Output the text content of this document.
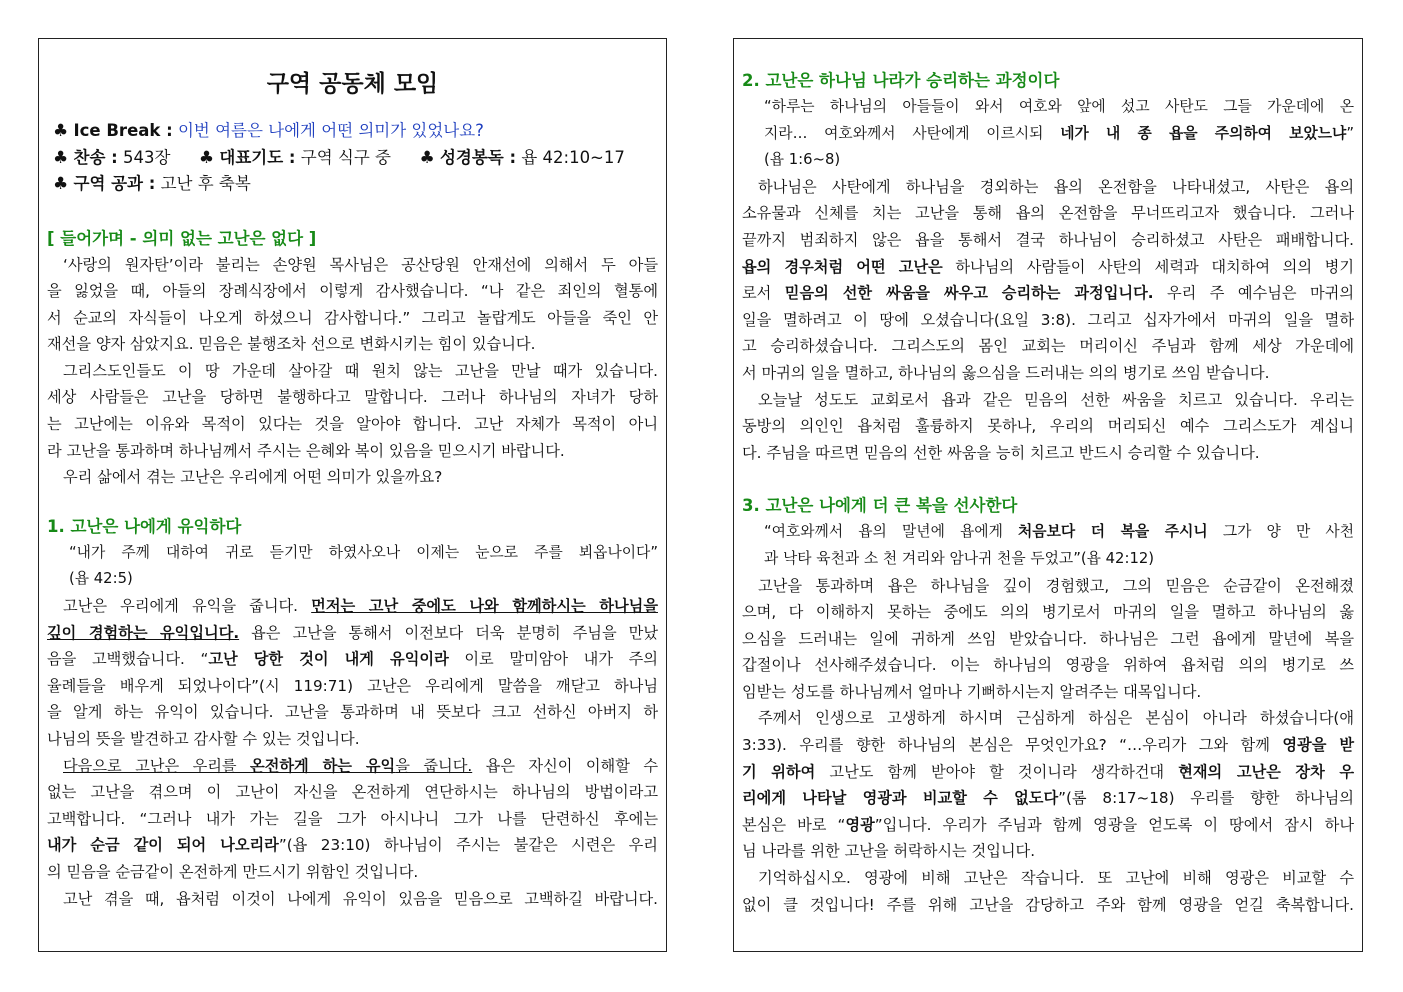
구역 공동체 모임
♣ Ice Break : 이번 여름은 나에게 어떤 의미가 있었나요?
♣ 찬송 : 543장 ♣ 대표기도 : 구역 식구 중 ♣ 성경봉독 : 욥 42:10~17
♣ 구역 공과 : 고난 후 축복
[ 들어가며 - 의미 없는 고난은 없다 ]
‘사랑의 원자탄’이라 불리는 손양원 목사님은 공산당원 안재선에 의해서 두 아들
을 잃었을 때, 아들의 장례식장에서 이렇게 감사했습니다. “나 같은 죄인의 혈통에
서 순교의 자식들이 나오게 하셨으니 감사합니다.” 그리고 놀랍게도 아들을 죽인 안
재선을 양자 삼았지요. 믿음은 불행조차 선으로 변화시키는 힘이 있습니다.
그리스도인들도 이 땅 가운데 살아갈 때 원치 않는 고난을 만날 때가 있습니다.
세상 사람들은 고난을 당하면 불행하다고 말합니다. 그러나 하나님의 자녀가 당하
는 고난에는 이유와 목적이 있다는 것을 알아야 합니다. 고난 자체가 목적이 아니
라 고난을 통과하며 하나님께서 주시는 은혜와 복이 있음을 믿으시기 바랍니다.
우리 삶에서 겪는 고난은 우리에게 어떤 의미가 있을까요?
1. 고난은 나에게 유익하다
“내가 주께 대하여 귀로 듣기만 하였사오나 이제는 눈으로 주를 뵈옵나이다”
(욥 42:5)
고난은 우리에게 유익을 줍니다. 먼저는 고난 중에도 나와 함께하시는 하나님을
깊이 경험하는 유익입니다. 욥은 고난을 통해서 이전보다 더욱 분명히 주님을 만났
음을 고백했습니다. “고난 당한 것이 내게 유익이라 이로 말미암아 내가 주의
율례들을 배우게 되었나이다”(시 119:71) 고난은 우리에게 말씀을 깨닫고 하나님
을 알게 하는 유익이 있습니다. 고난을 통과하며 내 뜻보다 크고 선하신 아버지 하
나님의 뜻을 발견하고 감사할 수 있는 것입니다.
다음으로 고난은 우리를 온전하게 하는 유익을 줍니다. 욥은 자신이 이해할 수
없는 고난을 겪으며 이 고난이 자신을 온전하게 연단하시는 하나님의 방법이라고
고백합니다. “그러나 내가 가는 길을 그가 아시나니 그가 나를 단련하신 후에는
내가 순금 같이 되어 나오리라”(욥 23:10) 하나님이 주시는 불같은 시련은 우리
의 믿음을 순금같이 온전하게 만드시기 위함인 것입니다.
고난 겪을 때, 욥처럼 이것이 나에게 유익이 있음을 믿음으로 고백하길 바랍니다.
2. 고난은 하나님 나라가 승리하는 과정이다
“하루는 하나님의 아들들이 와서 여호와 앞에 섰고 사탄도 그들 가운데에 온
지라… 여호와께서 사탄에게 이르시되 네가 내 종 욥을 주의하여 보았느냐”
(욥 1:6~8)
하나님은 사탄에게 하나님을 경외하는 욥의 온전함을 나타내셨고, 사탄은 욥의
소유물과 신체를 치는 고난을 통해 욥의 온전함을 무너뜨리고자 했습니다. 그러나
끝까지 범죄하지 않은 욥을 통해서 결국 하나님이 승리하셨고 사탄은 패배합니다.
욥의 경우처럼 어떤 고난은 하나님의 사람들이 사탄의 세력과 대치하여 의의 병기
로서 믿음의 선한 싸움을 싸우고 승리하는 과정입니다. 우리 주 예수님은 마귀의
일을 멸하려고 이 땅에 오셨습니다(요일 3:8). 그리고 십자가에서 마귀의 일을 멸하
고 승리하셨습니다. 그리스도의 몸인 교회는 머리이신 주님과 함께 세상 가운데에
서 마귀의 일을 멸하고, 하나님의 옳으심을 드러내는 의의 병기로 쓰임 받습니다.
오늘날 성도도 교회로서 욥과 같은 믿음의 선한 싸움을 치르고 있습니다. 우리는
동방의 의인인 욥처럼 훌륭하지 못하나, 우리의 머리되신 예수 그리스도가 계십니
다. 주님을 따르면 믿음의 선한 싸움을 능히 치르고 반드시 승리할 수 있습니다.
3. 고난은 나에게 더 큰 복을 선사한다
“여호와께서 욥의 말년에 욥에게 처음보다 더 복을 주시니 그가 양 만 사천
과 낙타 육천과 소 천 겨리와 암나귀 천을 두었고”(욥 42:12)
고난을 통과하며 욥은 하나님을 깊이 경험했고, 그의 믿음은 순금같이 온전해졌
으며, 다 이해하지 못하는 중에도 의의 병기로서 마귀의 일을 멸하고 하나님의 옳
으심을 드러내는 일에 귀하게 쓰임 받았습니다. 하나님은 그런 욥에게 말년에 복을
갑절이나 선사해주셨습니다. 이는 하나님의 영광을 위하여 욥처럼 의의 병기로 쓰
임받는 성도를 하나님께서 얼마나 기뻐하시는지 알려주는 대목입니다.
주께서 인생으로 고생하게 하시며 근심하게 하심은 본심이 아니라 하셨습니다(애
3:33). 우리를 향한 하나님의 본심은 무엇인가요? “…우리가 그와 함께 영광을 받
기 위하여 고난도 함께 받아야 할 것이니라 생각하건대 현재의 고난은 장차 우
리에게 나타날 영광과 비교할 수 없도다”(롬 8:17~18) 우리를 향한 하나님의
본심은 바로 “영광”입니다. 우리가 주님과 함께 영광을 얻도록 이 땅에서 잠시 하나
님 나라를 위한 고난을 허락하시는 것입니다.
기억하십시오. 영광에 비해 고난은 작습니다. 또 고난에 비해 영광은 비교할 수
없이 클 것입니다! 주를 위해 고난을 감당하고 주와 함께 영광을 얻길 축복합니다.
